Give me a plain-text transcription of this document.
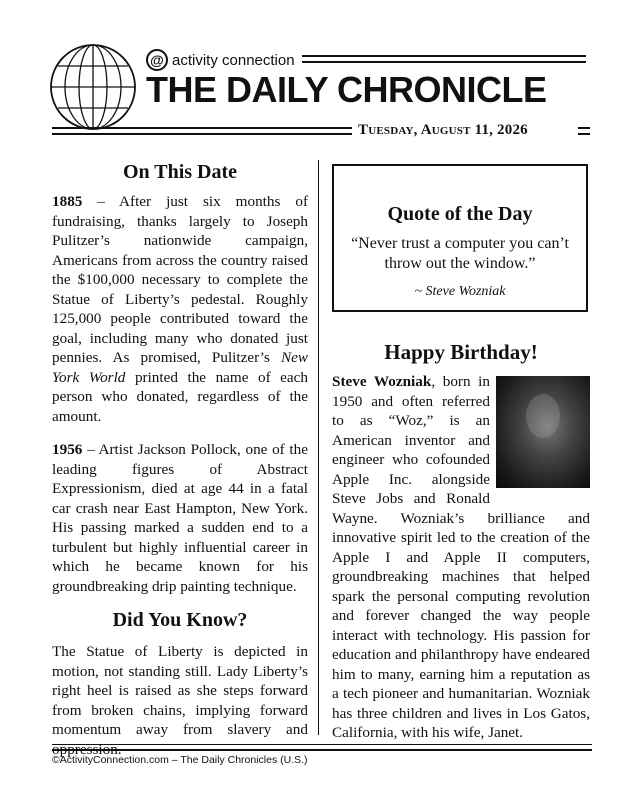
@ activity connection
THE DAILY CHRONICLE
Tuesday, August 11, 2026
On This Date

1885 – After just six months of fundraising, thanks largely to Joseph Pulitzer’s nationwide campaign, Americans from across the country raised the $100,000 necessary to complete the Statue of Liberty’s pedestal. Roughly 125,000 people contributed toward the goal, including many who donated just pennies. As promised, Pulitzer’s New York World printed the name of each person who donated, regardless of the amount.

1956 – Artist Jackson Pollock, one of the leading figures of Abstract Expressionism, died at age 44 in a fatal car crash near East Hampton, New York. His passing marked a sudden end to a turbulent but highly influential career in which he became known for his groundbreaking drip painting technique.

Did You Know?

The Statue of Liberty is depicted in motion, not standing still. Lady Liberty’s right heel is raised as she steps forward from broken chains, implying forward momentum away from slavery and oppression.

Quote of the Day
“Never trust a computer you can’t throw out the window.”
~ Steve Wozniak
Happy Birthday!

Steve Wozniak, born in 1950 and often referred to as “Woz,” is an American inventor and engineer who cofounded Apple Inc. alongside Steve Jobs and Ronald Wayne. Wozniak’s brilliance and innovative spirit led to the creation of the Apple I and Apple II computers, groundbreaking machines that helped spark the personal computing revolution and forever changed the way people interact with technology. His passion for education and philanthropy have endeared him to many, earning him a reputation as a tech pioneer and humanitarian. Wozniak has three children and lives in Los Gatos, California, with his wife, Janet.

©ActivityConnection.com – The Daily Chronicles (U.S.)
